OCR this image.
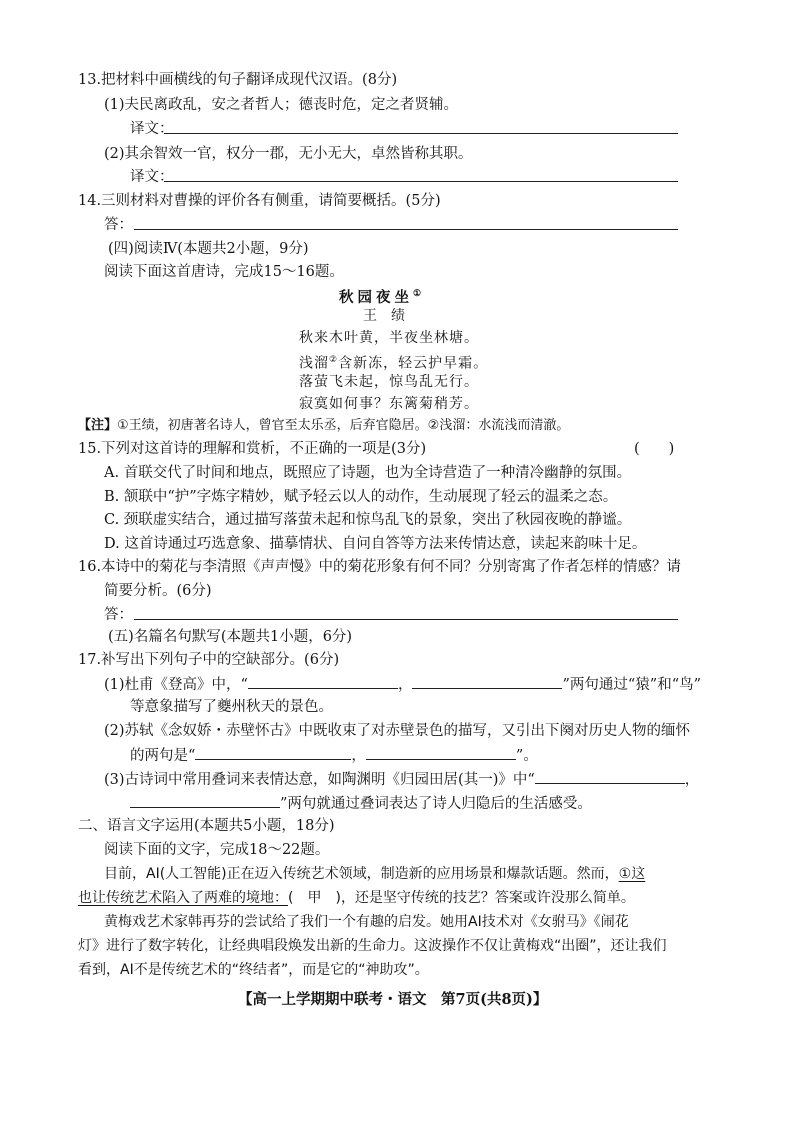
13.把材料中画横线的句子翻译成现代汉语。(8分)
(1)夫民离政乱，安之者哲人；德丧时危，定之者贤辅。
译文：
(2)其余智效一官，权分一郡，无小无大，卓然皆称其职。
译文：
14.三则材料对曹操的评价各有侧重，请简要概括。(5分)
答：
(四)阅读Ⅳ(本题共2小题，9分)
阅读下面这首唐诗，完成15～16题。
秋园夜坐①
王　绩
秋来木叶黄，半夜坐林塘。
浅溜②含新冻，轻云护早霜。
落萤飞未起，惊鸟乱无行。
寂寞如何事？东篱菊稍芳。
【注】①王绩，初唐著名诗人，曾官至太乐丞，后弃官隐居。②浅溜：水流浅而清澈。
15.下列对这首诗的理解和赏析，不正确的一项是(3分)	(　　)
A. 首联交代了时间和地点，既照应了诗题，也为全诗营造了一种清冷幽静的氛围。
B. 颔联中“护”字炼字精妙，赋予轻云以人的动作，生动展现了轻云的温柔之态。
C. 颈联虚实结合，通过描写落萤未起和惊鸟乱飞的景象，突出了秋园夜晚的静谧。
D. 这首诗通过巧选意象、描摹情状、自问自答等方法来传情达意，读起来韵味十足。
16.本诗中的菊花与李清照《声声慢》中的菊花形象有何不同？分别寄寓了作者怎样的情感？请
简要分析。(6分)
答：
(五)名篇名句默写(本题共1小题，6分)
17.补写出下列句子中的空缺部分。(6分)
(1)杜甫《登高》中，“	，	”两句通过“猿”和“鸟”
等意象描写了夔州秋天的景色。
(2)苏轼《念奴娇・赤壁怀古》中既收束了对赤壁景色的描写，又引出下阕对历史人物的缅怀
的两句是“	，	”。
(3)古诗词中常用叠词来表情达意，如陶渊明《归园田居(其一)》中“	，
”两句就通过叠词表达了诗人归隐后的生活感受。
二、语言文字运用(本题共5小题，18分)
阅读下面的文字，完成18～22题。
目前，AI(人工智能)正在迈入传统艺术领域，制造新的应用场景和爆款话题。然而，①这
也让传统艺术陷入了两难的境地：(　甲　)，还是坚守传统的技艺？答案或许没那么简单。
黄梅戏艺术家韩再芬的尝试给了我们一个有趣的启发。她用AI技术对《女驸马》《闹花
灯》进行了数字转化，让经典唱段焕发出新的生命力。这波操作不仅让黄梅戏“出圈”，还让我们
看到，AI不是传统艺术的“终结者”，而是它的“神助攻”。
【高一上学期期中联考・语文　第7页(共8页)】
